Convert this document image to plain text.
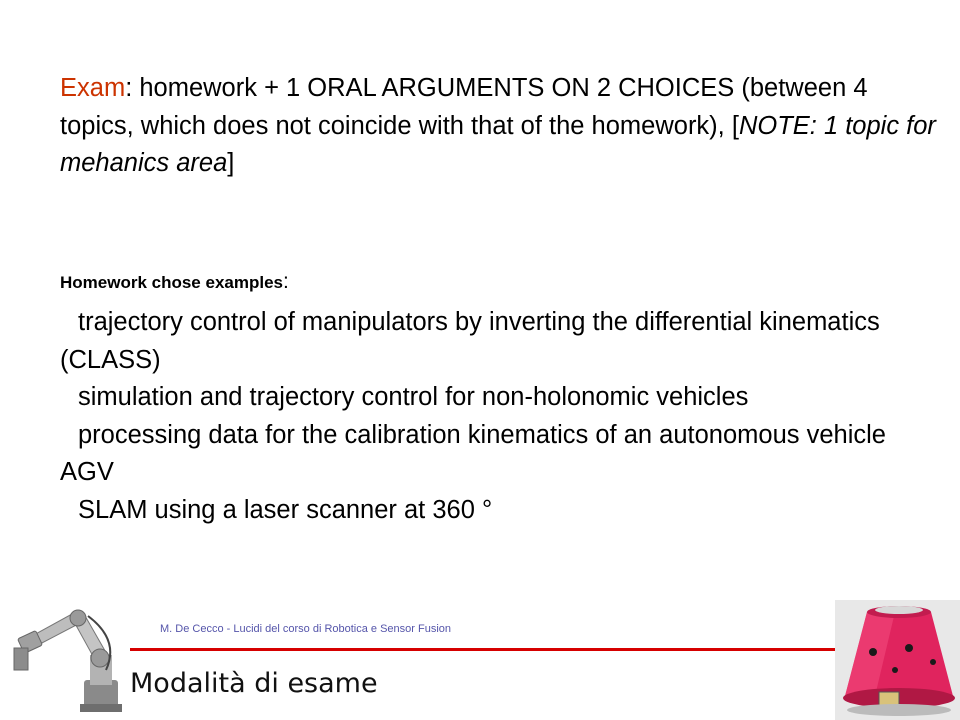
Exam: homework + 1 ORAL ARGUMENTS ON 2 CHOICES (between 4 topics, which does not coincide with that of the homework), [NOTE: 1 topic for mehanics area]
Homework chose examples:
trajectory control of manipulators by inverting the differential kinematics (CLASS)
simulation and trajectory control for non-holonomic vehicles
processing data for the calibration kinematics of an autonomous vehicle AGV
SLAM using a laser scanner at 360 °
M. De Cecco - Lucidi del corso di Robotica e Sensor Fusion
Modalità di esame
